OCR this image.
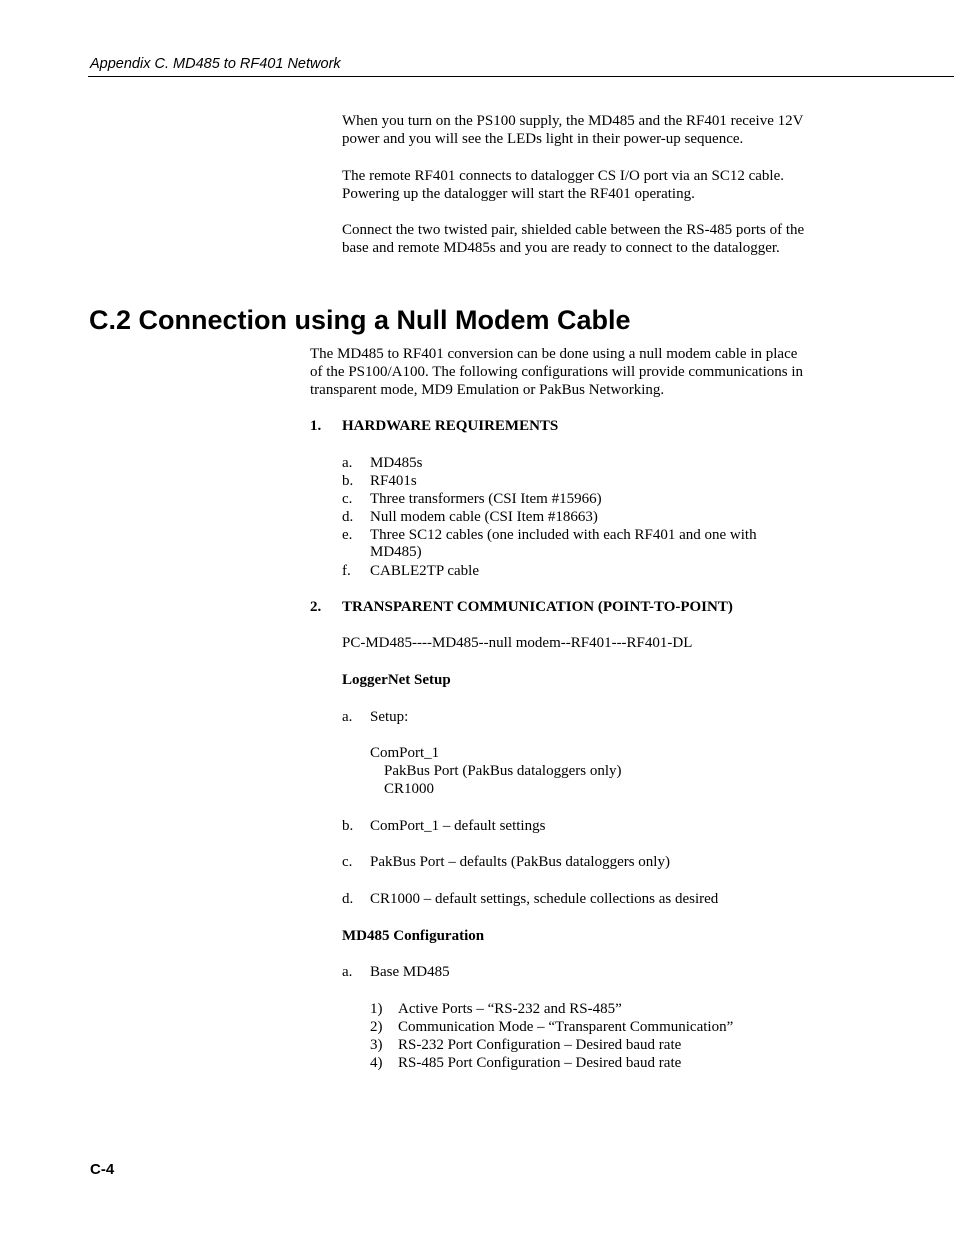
Appendix C. MD485 to RF401 Network

When you turn on the PS100 supply, the MD485 and the RF401 receive 12V power and you will see the LEDs light in their power-up sequence.

The remote RF401 connects to datalogger CS I/O port via an SC12 cable. Powering up the datalogger will start the RF401 operating.

Connect the two twisted pair, shielded cable between the RS-485 ports of the base and remote MD485s and you are ready to connect to the datalogger.

C.2 Connection using a Null Modem Cable

The MD485 to RF401 conversion can be done using a null modem cable in place of the PS100/A100. The following configurations will provide communications in transparent mode, MD9 Emulation or PakBus Networking.

1. HARDWARE REQUIREMENTS
a. MD485s
b. RF401s
c. Three transformers (CSI Item #15966)
d. Null modem cable (CSI Item #18663)
e. Three SC12 cables (one included with each RF401 and one with
MD485)
f. CABLE2TP cable
2. TRANSPARENT COMMUNICATION (POINT-TO-POINT)
PC-MD485----MD485--null modem--RF401---RF401-DL
LoggerNet Setup
a. Setup:
ComPort_1
PakBus Port (PakBus dataloggers only)
CR1000
b. ComPort_1 – default settings
c. PakBus Port – defaults (PakBus dataloggers only)
d. CR1000 – default settings, schedule collections as desired
MD485 Configuration
a. Base MD485
1) Active Ports – “RS-232 and RS-485”
2) Communication Mode – “Transparent Communication”
3) RS-232 Port Configuration – Desired baud rate
4) RS-485 Port Configuration – Desired baud rate
C-4
